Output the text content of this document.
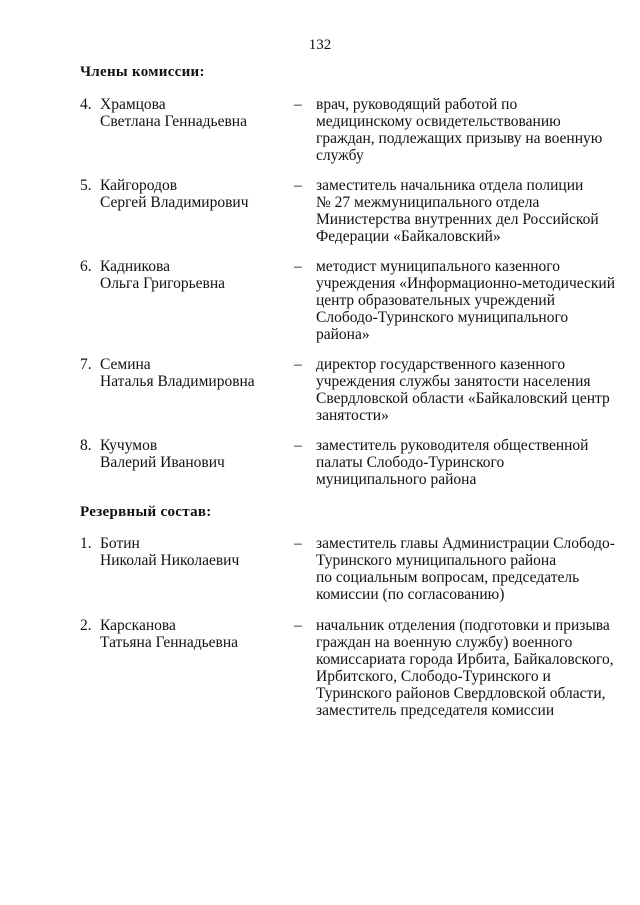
132
Члены комиссии:
4. Храмцова
Светлана Геннадьевна
– врач, руководящий работой по
медицинскому освидетельствованию
граждан, подлежащих призыву на военную
службу
5. Кайгородов
Сергей Владимирович
– заместитель начальника отдела полиции
№ 27 межмуниципального отдела
Министерства внутренних дел Российской
Федерации «Байкаловский»
6. Кадникова
Ольга Григорьевна
– методист муниципального казенного
учреждения «Информационно-методический
центр образовательных учреждений
Слободо-Туринского муниципального
района»
7. Семина
Наталья Владимировна
– директор государственного казенного
учреждения службы занятости населения
Свердловской области «Байкаловский центр
занятости»
8. Кучумов
Валерий Иванович
– заместитель руководителя общественной
палаты Слободо-Туринского
муниципального района
Резервный состав:
1. Ботин
Николай Николаевич
– заместитель главы Администрации Слободо-
Туринского муниципального района
по социальным вопросам, председатель
комиссии (по согласованию)
2. Карсканова
Татьяна Геннадьевна
– начальник отделения (подготовки и призыва
граждан на военную службу) военного
комиссариата города Ирбита, Байкаловского,
Ирбитского, Слободо-Туринского и
Туринского районов Свердловской области,
заместитель председателя комиссии
